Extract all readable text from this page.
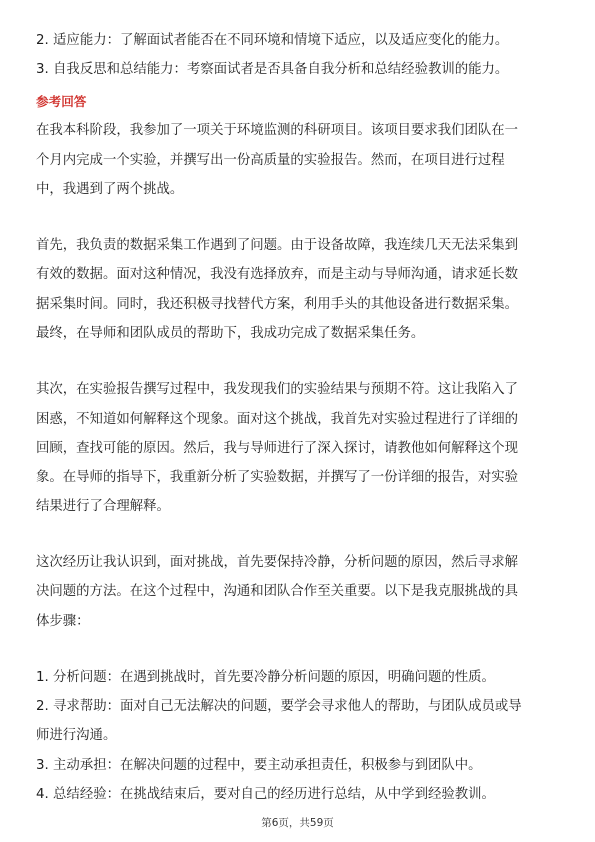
2. 适应能力：了解面试者能否在不同环境和情境下适应，以及适应变化的能力。
3. 自我反思和总结能力：考察面试者是否具备自我分析和总结经验教训的能力。
参考回答
在我本科阶段，我参加了一项关于环境监测的科研项目。该项目要求我们团队在一
个月内完成一个实验，并撰写出一份高质量的实验报告。然而，在项目进行过程
中，我遇到了两个挑战。
首先，我负责的数据采集工作遇到了问题。由于设备故障，我连续几天无法采集到
有效的数据。面对这种情况，我没有选择放弃，而是主动与导师沟通，请求延长数
据采集时间。同时，我还积极寻找替代方案，利用手头的其他设备进行数据采集。
最终，在导师和团队成员的帮助下，我成功完成了数据采集任务。
其次，在实验报告撰写过程中，我发现我们的实验结果与预期不符。这让我陷入了
困惑，不知道如何解释这个现象。面对这个挑战，我首先对实验过程进行了详细的
回顾，查找可能的原因。然后，我与导师进行了深入探讨，请教他如何解释这个现
象。在导师的指导下，我重新分析了实验数据，并撰写了一份详细的报告，对实验
结果进行了合理解释。
这次经历让我认识到，面对挑战，首先要保持冷静，分析问题的原因，然后寻求解
决问题的方法。在这个过程中，沟通和团队合作至关重要。以下是我克服挑战的具
体步骤：
1. 分析问题：在遇到挑战时，首先要冷静分析问题的原因，明确问题的性质。
2. 寻求帮助：面对自己无法解决的问题，要学会寻求他人的帮助，与团队成员或导
师进行沟通。
3. 主动承担：在解决问题的过程中，要主动承担责任，积极参与到团队中。
4. 总结经验：在挑战结束后，要对自己的经历进行总结，从中学到经验教训。
第6页，共59页
